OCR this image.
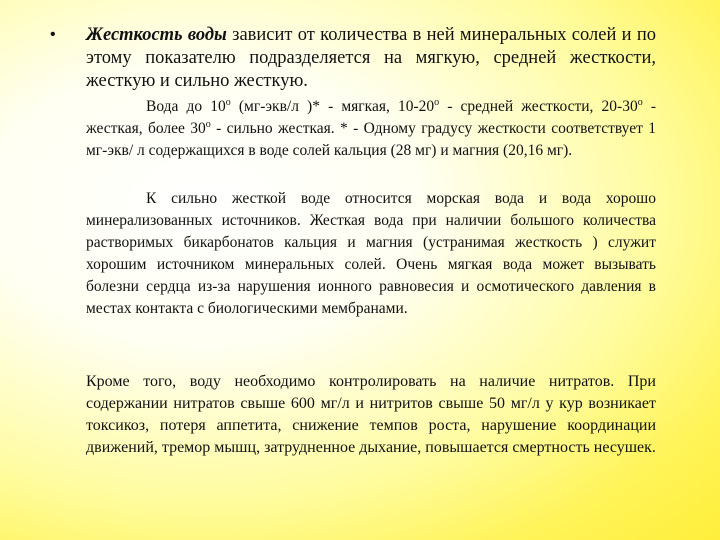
• Жесткость воды зависит от количества в ней минеральных солей и по этому показателю подразделяется на мягкую, средней жесткости, жесткую и сильно жесткую.
Вода до $10^о$ (мг-экв/л )* - мягкая, $10-20^о$ - средней жесткости, $20-30^о$ - жесткая, более $30^о$ - сильно жесткая. * - Одному градусу жесткости соответствует 1 мг-экв/ л содержащихся в воде солей кальция (28 мг) и магния (20,16 мг).
К сильно жесткой воде относится морская вода и вода хорошо минерализованных источников. Жесткая вода при наличии большого количества растворимых бикарбонатов кальция и магния (устранимая жесткость ) служит хорошим источником минеральных солей. Очень мягкая вода может вызывать болезни сердца из-за нарушения ионного равновесия и осмотического давления в местах контакта с биологическими мембранами.
Кроме того, воду необходимо контролировать на наличие нитратов. При содержании нитратов свыше 600 мг/л и нитритов свыше 50 мг/л у кур возникает токсикоз, потеря аппетита, снижение темпов роста, нарушение координации движений, тремор мышц, затрудненное дыхание, повышается смертность несушек.
